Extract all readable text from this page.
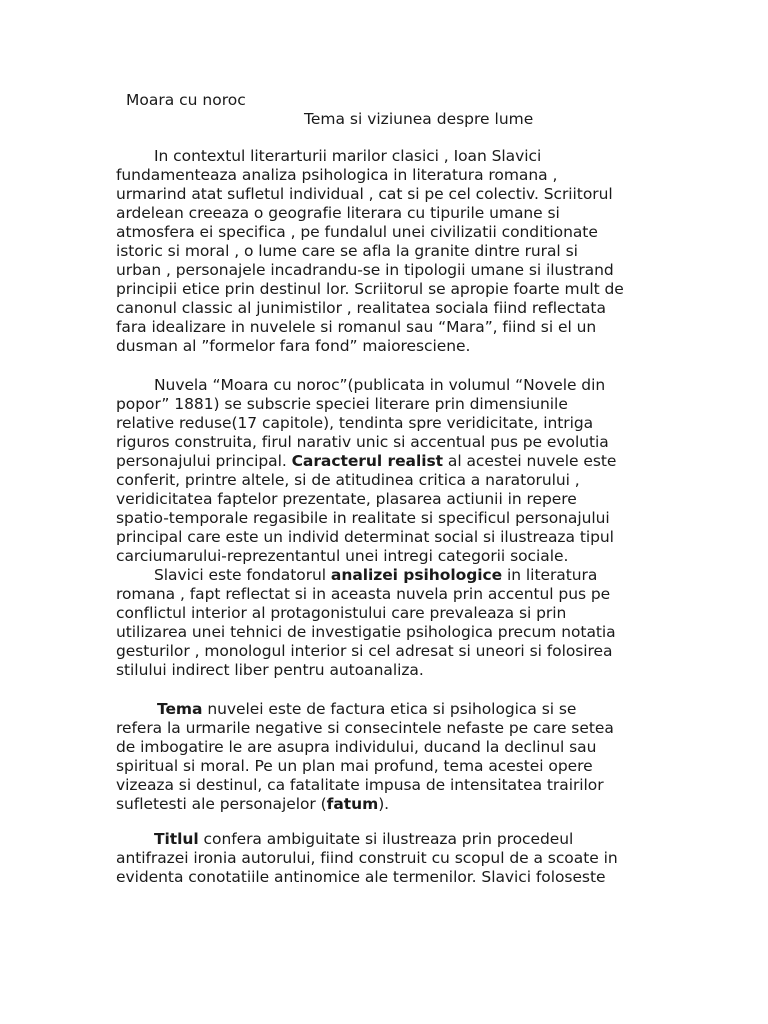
Moara cu noroc
Tema si viziunea despre lume
In contextul literarturii marilor clasici , Ioan Slavici
fundamenteaza analiza psihologica in literatura romana ,
urmarind atat sufletul individual , cat si pe cel colectiv. Scriitorul
ardelean creeaza o geografie literara cu tipurile umane si
atmosfera ei specifica , pe fundalul unei civilizatii conditionate
istoric si moral , o lume care se afla la granite dintre rural si
urban , personajele incadrandu-se in tipologii umane si ilustrand
principii etice prin destinul lor. Scriitorul se apropie foarte mult de
canonul classic al junimistilor , realitatea sociala fiind reflectata
fara idealizare in nuvelele si romanul sau “Mara”, fiind si el un
dusman al ”formelor fara fond” maioresciene.
Nuvela “Moara cu noroc”(publicata in volumul “Novele din
popor” 1881) se subscrie speciei literare prin dimensiunile
relative reduse(17 capitole), tendinta spre veridicitate, intriga
riguros construita, firul narativ unic si accentual pus pe evolutia
personajului principal. Caracterul realist al acestei nuvele este
conferit, printre altele, si de atitudinea critica a naratorului ,
veridicitatea faptelor prezentate, plasarea actiunii in repere
spatio-temporale regasibile in realitate si specificul personajului
principal care este un individ determinat social si ilustreaza tipul
carciumarului-reprezentantul unei intregi categorii sociale.
Slavici este fondatorul analizei psihologice in literatura
romana , fapt reflectat si in aceasta nuvela prin accentul pus pe
conflictul interior al protagonistului care prevaleaza si prin
utilizarea unei tehnici de investigatie psihologica precum notatia
gesturilor , monologul interior si cel adresat si uneori si folosirea
stilului indirect liber pentru autoanaliza.
Tema nuvelei este de factura etica si psihologica si se
refera la urmarile negative si consecintele nefaste pe care setea
de imbogatire le are asupra individului, ducand la declinul sau
spiritual si moral. Pe un plan mai profund, tema acestei opere
vizeaza si destinul, ca fatalitate impusa de intensitatea trairilor
sufletesti ale personajelor (fatum).
Titlul confera ambiguitate si ilustreaza prin procedeul
antifrazei ironia autorului, fiind construit cu scopul de a scoate in
evidenta conotatiile antinomice ale termenilor. Slavici foloseste
